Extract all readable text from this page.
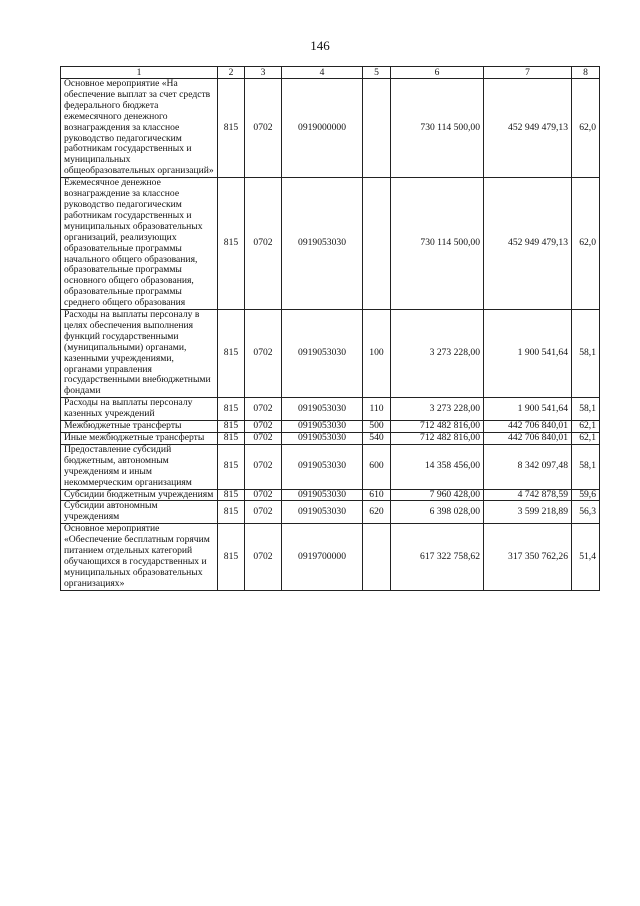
146
1	2	3	4	5	6	7	8
Основное мероприятие «На обеспечение выплат за счет средств федерального бюджета ежемесячного денежного вознаграждения за классное руководство педагогическим работникам государственных и муниципальных общеобразовательных организаций»	815	0702	0919000000		730 114 500,00	452 949 479,13	62,0
Ежемесячное денежное вознаграждение за классное руководство педагогическим работникам государственных и муниципальных образовательных организаций, реализующих образовательные программы начального общего образования, образовательные программы основного общего образования, образовательные программы среднего общего образования	815	0702	0919053030		730 114 500,00	452 949 479,13	62,0
Расходы на выплаты персоналу в целях обеспечения выполнения функций государственными (муниципальными) органами, казенными учреждениями, органами управления государственными внебюджетными фондами	815	0702	0919053030	100	3 273 228,00	1 900 541,64	58,1
Расходы на выплаты персоналу казенных учреждений	815	0702	0919053030	110	3 273 228,00	1 900 541,64	58,1
Межбюджетные трансферты	815	0702	0919053030	500	712 482 816,00	442 706 840,01	62,1
Иные межбюджетные трансферты	815	0702	0919053030	540	712 482 816,00	442 706 840,01	62,1
Предоставление субсидий бюджетным, автономным учреждениям и иным некоммерческим организациям	815	0702	0919053030	600	14 358 456,00	8 342 097,48	58,1
Субсидии бюджетным учреждениям	815	0702	0919053030	610	7 960 428,00	4 742 878,59	59,6
Субсидии автономным учреждениям	815	0702	0919053030	620	6 398 028,00	3 599 218,89	56,3
Основное мероприятие «Обеспечение бесплатным горячим питанием отдельных категорий обучающихся в государственных и муниципальных образовательных организациях»	815	0702	0919700000		617 322 758,62	317 350 762,26	51,4
